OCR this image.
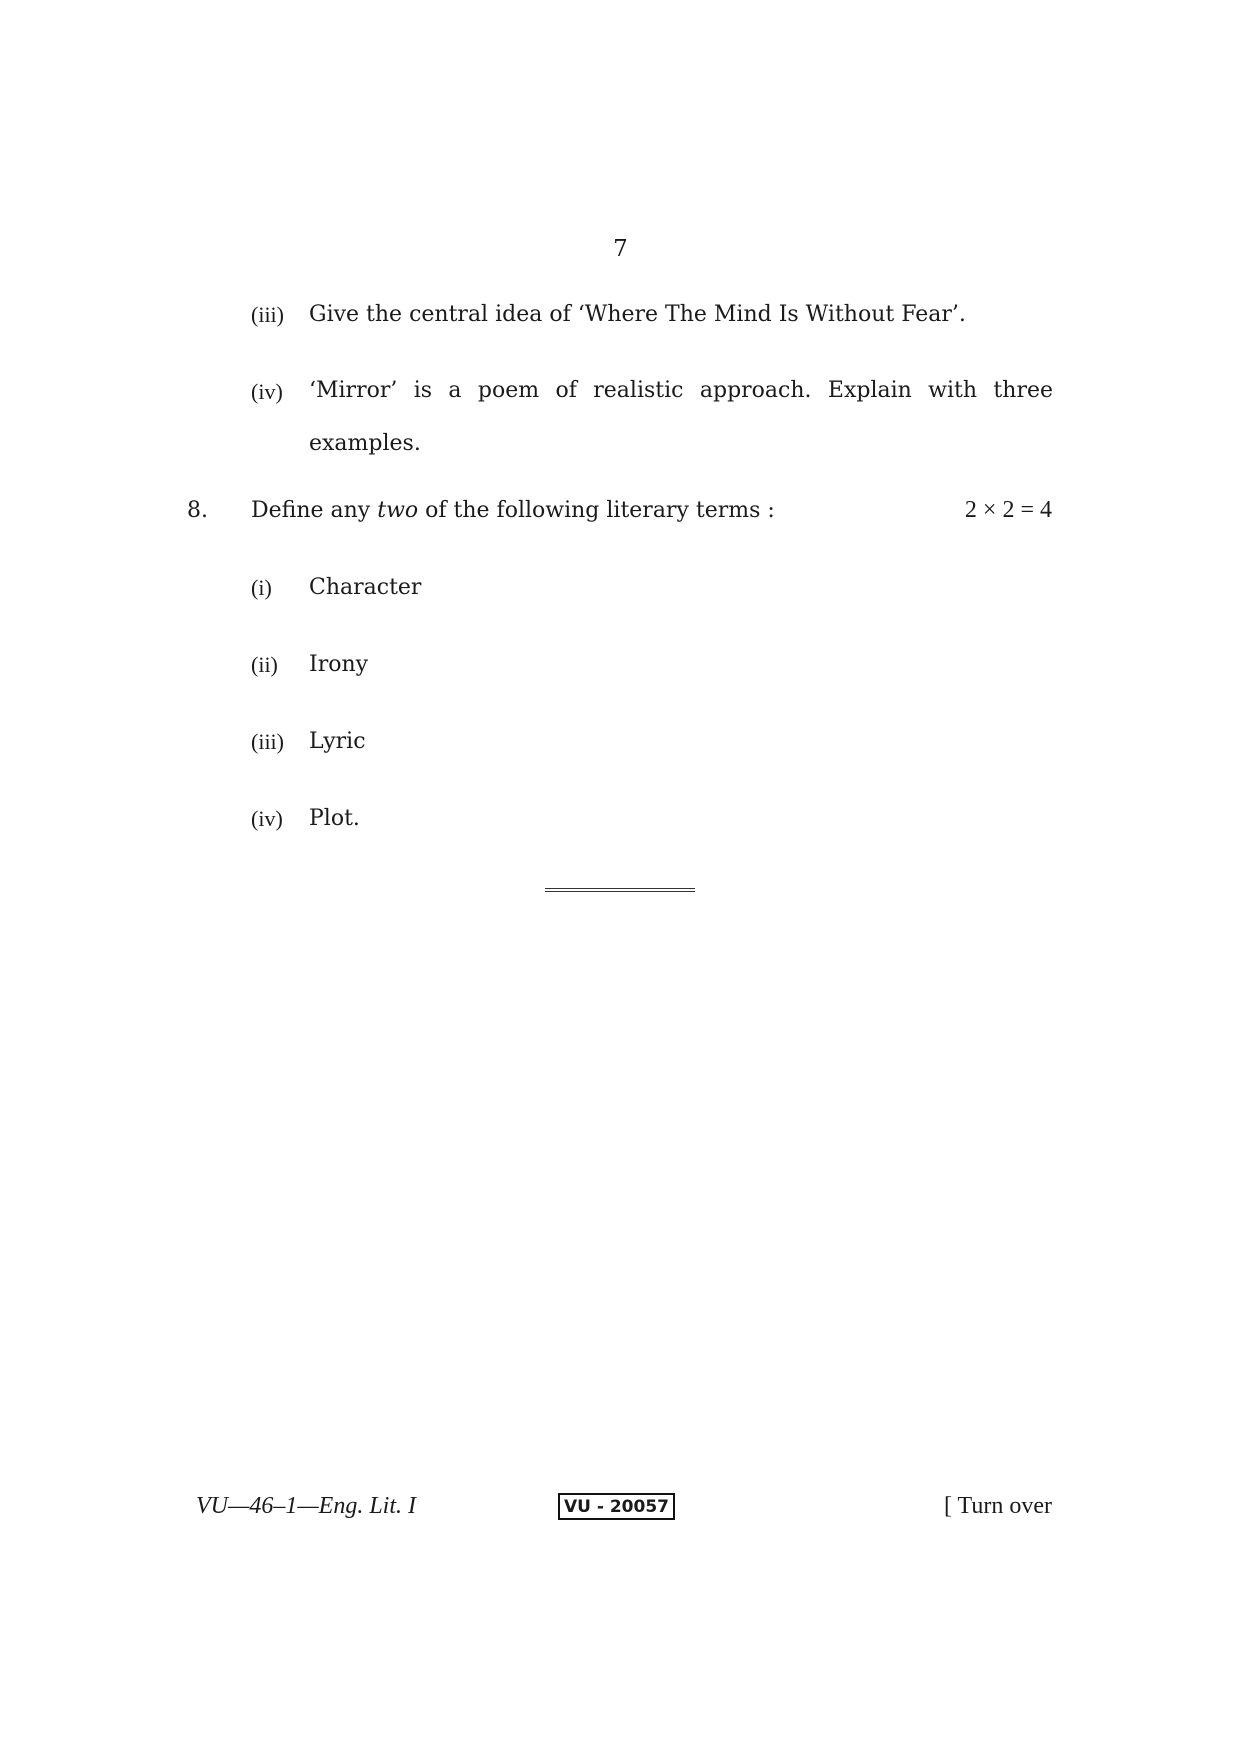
7
(iii) Give the central idea of ‘Where The Mind Is Without Fear’.
(iv) ‘Mirror’ is a poem of realistic approach. Explain with three
examples.
8. Define any two of the following literary terms :	2 × 2 = 4
(i) Character
(ii) Irony
(iii) Lyric
(iv) Plot.
VU—46–1—Eng. Lit. I	VU - 20057	[ Turn over
